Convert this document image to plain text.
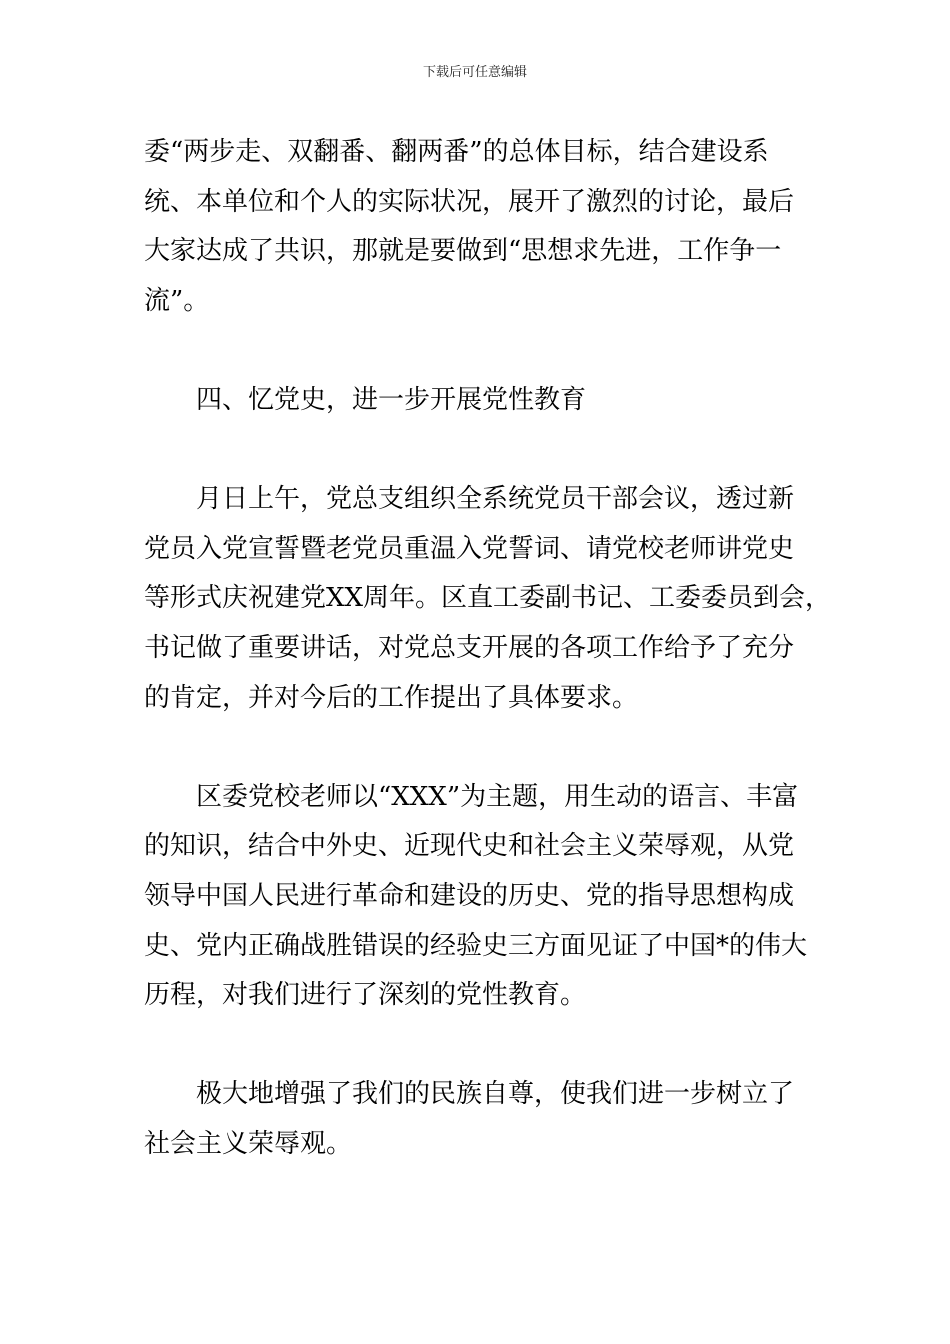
下载后可任意编辑
委“两步走、双翻番、翻两番”的总体目标，结合建设系
统、本单位和个人的实际状况，展开了激烈的讨论，最后
大家达成了共识，那就是要做到“思想求先进，工作争一
流”。
四、忆党史，进一步开展党性教育
月日上午，党总支组织全系统党员干部会议，透过新
党员入党宣誓暨老党员重温入党誓词、请党校老师讲党史
等形式庆祝建党XX周年。区直工委副书记、工委委员到会，
书记做了重要讲话，对党总支开展的各项工作给予了充分
的肯定，并对今后的工作提出了具体要求。
区委党校老师以“XXX”为主题，用生动的语言、丰富
的知识，结合中外史、近现代史和社会主义荣辱观，从党
领导中国人民进行革命和建设的历史、党的指导思想构成
史、党内正确战胜错误的经验史三方面见证了中国*的伟大
历程，对我们进行了深刻的党性教育。
极大地增强了我们的民族自尊，使我们进一步树立了
社会主义荣辱观。
